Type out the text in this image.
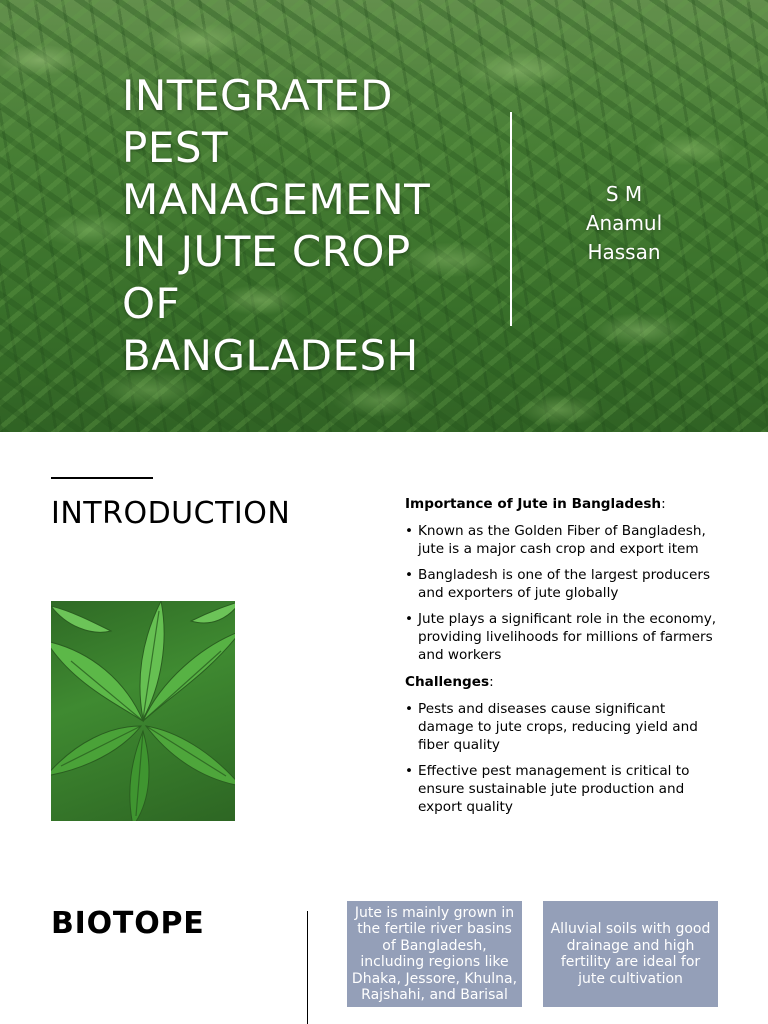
INTEGRATED PEST MANAGEMENT IN JUTE CROP OF BANGLADESH
S M
Anamul
Hassan
INTRODUCTION	Importance of Jute in Bangladesh:
• Known as the Golden Fiber of Bangladesh, jute is a major cash crop and export item
• Bangladesh is one of the largest producers and exporters of jute globally
• Jute plays a significant role in the economy, providing livelihoods for millions of farmers and workers
Challenges:
• Pests and diseases cause significant damage to jute crops, reducing yield and fiber quality
• Effective pest management is critical to ensure sustainable jute production and export quality
BIOTOPE	Jute is mainly grown in the fertile river basins of Bangladesh, including regions like Dhaka, Jessore, Khulna, Rajshahi, and Barisal
Alluvial soils with good drainage and high fertility are ideal for jute cultivation
